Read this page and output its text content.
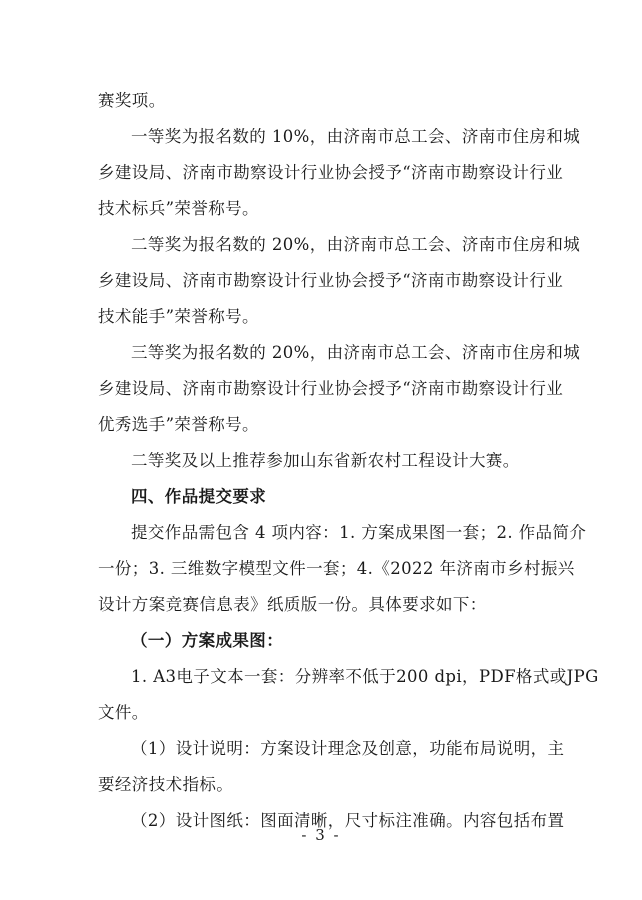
赛奖项。
一等奖为报名数的 10%，由济南市总工会、济南市住房和城
乡建设局、济南市勘察设计行业协会授予“济南市勘察设计行业
技术标兵”荣誉称号。
二等奖为报名数的 20%，由济南市总工会、济南市住房和城
乡建设局、济南市勘察设计行业协会授予“济南市勘察设计行业
技术能手”荣誉称号。
三等奖为报名数的 20%，由济南市总工会、济南市住房和城
乡建设局、济南市勘察设计行业协会授予“济南市勘察设计行业
优秀选手”荣誉称号。
二等奖及以上推荐参加山东省新农村工程设计大赛。
四、作品提交要求
提交作品需包含 4 项内容：1. 方案成果图一套；2. 作品简介
一份；3. 三维数字模型文件一套；4.《2022 年济南市乡村振兴
设计方案竞赛信息表》纸质版一份。具体要求如下：
（一）方案成果图：
1. A3电子文本一套：分辨率不低于200 dpi，PDF格式或JPG
文件。
（1）设计说明：方案设计理念及创意，功能布局说明，主
要经济技术指标。
（2）设计图纸：图面清晰，尺寸标注准确。内容包括布置
- 3 -
